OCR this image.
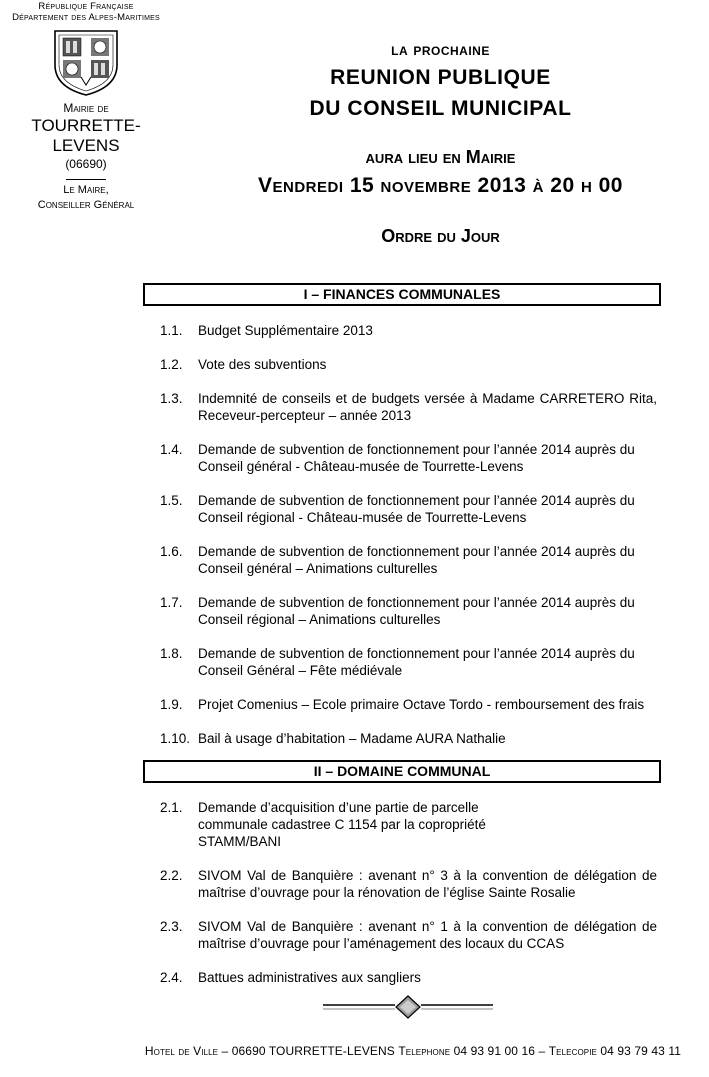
République Française
Département des Alpes-Maritimes
Mairie de
TOURRETTE-LEVENS
(06690)
Le Maire,
Conseiller Général
la prochaine
REUNION PUBLIQUE
DU CONSEIL MUNICIPAL
aura lieu en Mairie
Vendredi 15 novembre 2013 à 20 h 00
Ordre du Jour
I – FINANCES COMMUNALES
1.1.	Budget Supplémentaire 2013
1.2.	Vote des subventions
1.3.	Indemnité de conseils et de budgets versée à Madame CARRETERO Rita, Receveur-percepteur – année 2013
1.4.	Demande de subvention de fonctionnement pour l’année 2014 auprès du Conseil général - Château-musée de Tourrette-Levens
1.5.	Demande de subvention de fonctionnement pour l’année 2014 auprès du Conseil régional - Château-musée de Tourrette-Levens
1.6.	Demande de subvention de fonctionnement pour l’année 2014 auprès du Conseil général – Animations culturelles
1.7.	Demande de subvention de fonctionnement pour l’année 2014 auprès du Conseil régional – Animations culturelles
1.8.	Demande de subvention de fonctionnement pour l’année 2014 auprès du Conseil Général – Fête médiévale
1.9.	Projet Comenius – Ecole primaire Octave Tordo - remboursement des frais
1.10. Bail à usage d’habitation – Madame AURA Nathalie
II – DOMAINE COMMUNAL
2.1.	Demande d’acquisition d’une partie de parcelle communale cadastree C 1154 par la copropriété STAMM/BANI
2.2.	SIVOM Val de Banquière : avenant n° 3 à la convention de délégation de maîtrise d’ouvrage pour la rénovation de l’église Sainte Rosalie
2.3.	SIVOM Val de Banquière : avenant n° 1 à la convention de délégation de maîtrise d’ouvrage pour l’aménagement des locaux du CCAS
2.4.	Battues administratives aux sangliers
Hotel de Ville – 06690 TOURRETTE-LEVENS Telephone 04 93 91 00 16 – Telecopie 04 93 79 43 11
